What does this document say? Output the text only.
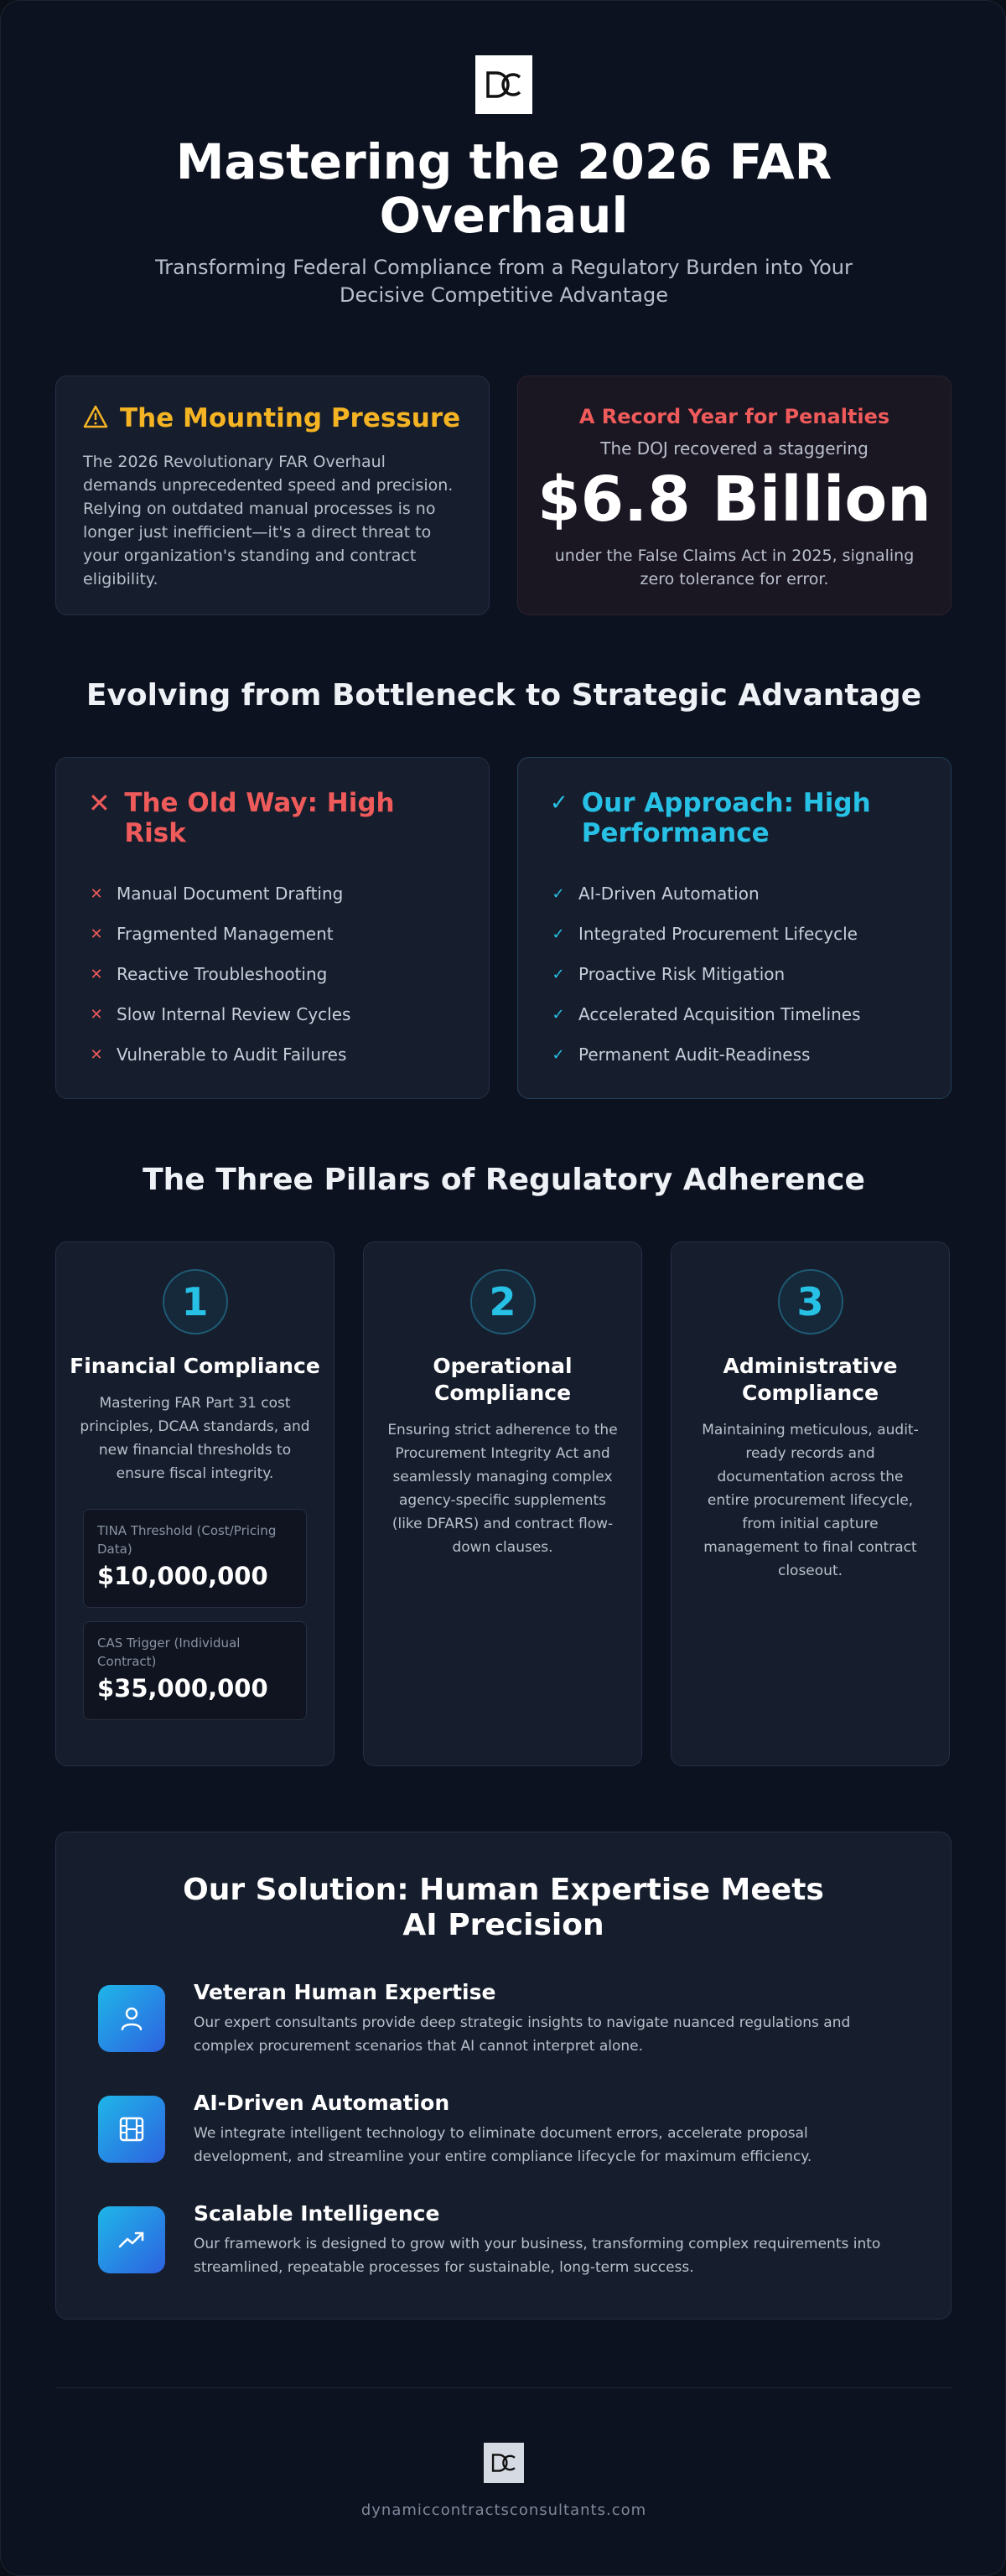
Mastering the 2026 FAR Overhaul
Transforming Federal Compliance from a Regulatory Burden into Your Decisive Competitive Advantage
The Mounting Pressure

The 2026 Revolutionary FAR Overhaul demands unprecedented speed and precision. Relying on outdated manual processes is no longer just inefficient—it's a direct threat to your organization's standing and contract eligibility.

A Record Year for Penalties
The DOJ recovered a staggering
$6.8 Billion
under the False Claims Act in 2025, signaling zero tolerance for error.
Evolving from Bottleneck to Strategic Advantage
✕ The Old Way: High Risk
✕ Manual Document Drafting
✕ Fragmented Management
✕ Reactive Troubleshooting
✕ Slow Internal Review Cycles
✕ Vulnerable to Audit Failures
✓ Our Approach: High Performance
✓ AI-Driven Automation
✓ Integrated Procurement Lifecycle
✓ Proactive Risk Mitigation
✓ Accelerated Acquisition Timelines
✓ Permanent Audit-Readiness
The Three Pillars of Regulatory Adherence
1
Financial Compliance
Mastering FAR Part 31 cost principles, DCAA standards, and new financial thresholds to ensure fiscal integrity.
TINA Threshold (Cost/Pricing Data)
$10,000,000
CAS Trigger (Individual Contract)
$35,000,000
2
Operational Compliance
Ensuring strict adherence to the Procurement Integrity Act and seamlessly managing complex agency-specific supplements (like DFARS) and contract flow-down clauses.
3
Administrative Compliance
Maintaining meticulous, audit-ready records and documentation across the entire procurement lifecycle, from initial capture management to final contract closeout.
Our Solution: Human Expertise Meets AI Precision
Veteran Human Expertise
Our expert consultants provide deep strategic insights to navigate nuanced regulations and complex procurement scenarios that AI cannot interpret alone.
AI-Driven Automation
We integrate intelligent technology to eliminate document errors, accelerate proposal development, and streamline your entire compliance lifecycle for maximum efficiency.
Scalable Intelligence
Our framework is designed to grow with your business, transforming complex requirements into streamlined, repeatable processes for sustainable, long-term success.
dynamiccontractsconsultants.com
